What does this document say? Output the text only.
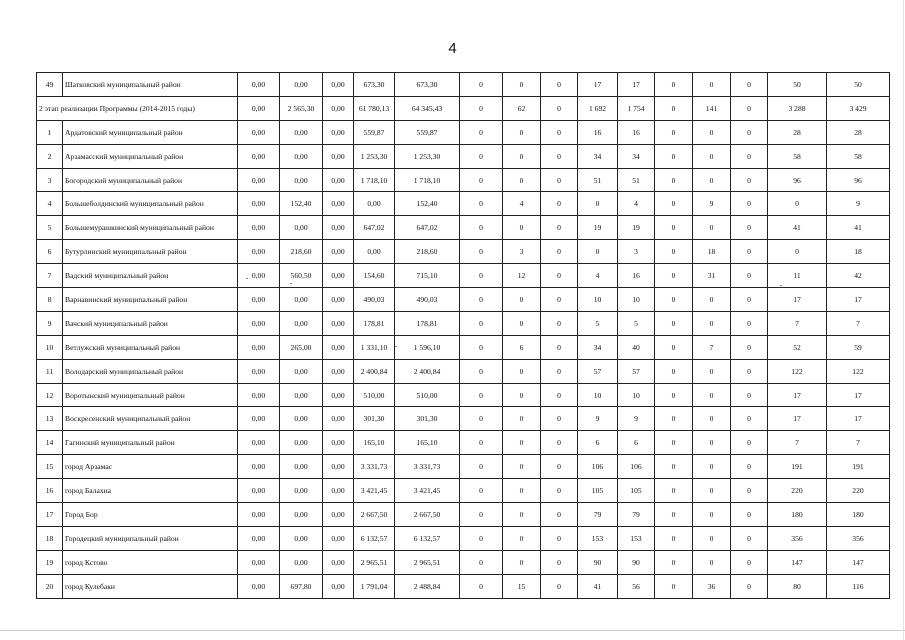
4
49	Шатковский муниципальный район	0,00	0,00	0,00	673,30	673,30	0	0	0	17	17	0	0	0	50	50
2 этап реализации Программы (2014-2015 годы)		0,00	2 565,30	0,00	61 780,13	64 345,43	0	62	0	1 692	1 754	0	141	0	3 288	3 429
1	Ардатовский муниципальный район	0,00	0,00	0,00	559,87	559,87	0	0	0	16	16	0	0	0	28	28
2	Арзамасский муниципальный район	0,00	0,00	0,00	1 253,30	1 253,30	0	0	0	34	34	0	0	0	58	58
3	Богородский муниципальный район	0,00	0,00	0,00	1 718,10	1 718,10	0	0	0	51	51	0	0	0	96	96
4	Большеболдинский муниципальный район	0,00	152,40	0,00	0,00	152,40	0	4	0	0	4	0	9	0	0	9
5	Большемурашкинский муниципальный район	0,00	0,00	0,00	647,02	647,02	0	0	0	19	19	0	0	0	41	41
6	Бутурлинский муниципальный район	0,00	218,60	0,00	0,00	218,60	0	3	0	0	3	0	18	0	0	18
7	Вадский муниципальный район	0,00	560,50	0,00	154,60	715,10	0	12	0	4	16	0	31	0	11	42
8	Варнавинский муниципальный район	0,00	0,00	0,00	490,03	490,03	0	0	0	10	10	0	0	0	17	17
9	Вачский муниципальный район	0,00	0,00	0,00	178,81	178,81	0	0	0	5	5	0	0	0	7	7
10	Ветлужский муниципальный район	0,00	265,00	0,00	1 331,10	1 596,10	0	6	0	34	40	0	7	0	52	59
11	Володарский муниципальный район	0,00	0,00	0,00	2 400,84	2 400,84	0	0	0	57	57	0	0	0	122	122
12	Воротынский муниципальный район	0,00	0,00	0,00	510,00	510,00	0	0	0	10	10	0	0	0	17	17
13	Воскресенский муниципальный район	0,00	0,00	0,00	301,30	301,30	0	0	0	9	9	0	0	0	17	17
14	Гагинский муниципальный район	0,00	0,00	0,00	165,10	165,10	0	0	0	6	6	0	0	0	7	7
15	город Арзамас	0,00	0,00	0,00	3 331,73	3 331,73	0	0	0	106	106	0	0	0	191	191
16	город Балахна	0,00	0,00	0,00	3 421,45	3 421,45	0	0	0	105	105	0	0	0	220	220
17	Город Бор	0,00	0,00	0,00	2 667,50	2 667,50	0	0	0	79	79	0	0	0	180	180
18	Городецкий муниципальный район	0,00	0,00	0,00	6 132,57	6 132,57	0	0	0	153	153	0	0	0	356	356
19	город Кстово	0,00	0,00	0,00	2 965,51	2 965,51	0	0	0	90	90	0	0	0	147	147
20	город Кулебаки	0,00	697,80	0,00	1 791,04	2 488,84	0	15	0	41	56	0	36	0	80	116
